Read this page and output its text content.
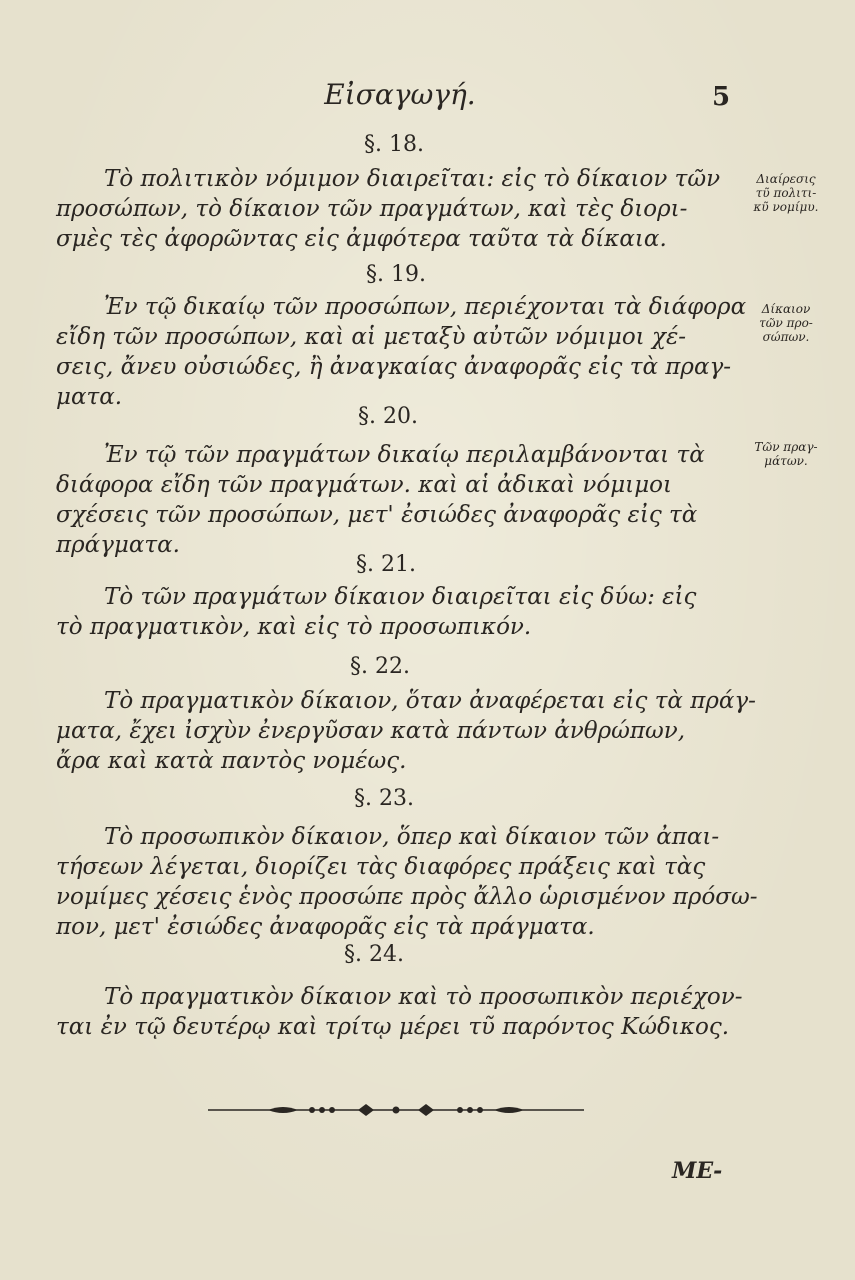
Εἰσαγωγή.	5
§. 18.
Τὸ πολιτικὸν νόμιμον διαιρεῖται: εἰς τὸ δίκαιον τῶν
προσώπων, τὸ δίκαιον τῶν πραγμάτων, καὶ τὲς διορι-
σμὲς τὲς ἀφορῶντας εἰς ἀμφότερα ταῦτα τὰ δίκαια.
Διαίρεσις
τῦ πολιτι-
κῦ νομίμυ.
§. 19.
Ἐν τῷ δικαίῳ τῶν προσώπων, περιέχονται τὰ διάφορα
εἴδη τῶν προσώπων, καὶ αἱ μεταξὺ αὐτῶν νόμιμοι χέ-
σεις, ἄνευ οὐσιώδες, ἢ ἀναγκαίας ἀναφορᾶς εἰς τὰ πραγ-
ματα.
Δίκαιον
τῶν προ-
σώπων.
§. 20.
Ἐν τῷ τῶν πραγμάτων δικαίῳ περιλαμβάνονται τὰ
διάφορα εἴδη τῶν πραγμάτων. καὶ αἱ ἀδικαὶ νόμιμοι
σχέσεις τῶν προσώπων, μετ' ἐσιώδες ἀναφορᾶς εἰς τὰ
πράγματα.
Τῶν πραγ-
μάτων.
§. 21.
Τὸ τῶν πραγμάτων δίκαιον διαιρεῖται εἰς δύω: εἰς
τὸ πραγματικὸν, καὶ εἰς τὸ προσωπικόν.
§. 22.
Τὸ πραγματικὸν δίκαιον, ὅταν ἀναφέρεται εἰς τὰ πράγ-
ματα, ἔχει ἰσχὺν ἐνεργῦσαν κατὰ πάντων ἀνθρώπων,
ἄρα καὶ κατὰ παντὸς νομέως.
§. 23.
Τὸ προσωπικὸν δίκαιον, ὅπερ καὶ δίκαιον τῶν ἀπαι-
τήσεων λέγεται, διορίζει τὰς διαφόρες πράξεις καὶ τὰς
νομίμες χέσεις ἑνὸς προσώπε πρὸς ἄλλο ὡρισμένον πρόσω-
πον, μετ' ἐσιώδες ἀναφορᾶς εἰς τὰ πράγματα.
§. 24.
Τὸ πραγματικὸν δίκαιον καὶ τὸ προσωπικὸν περιέχον-
ται ἐν τῷ δευτέρῳ καὶ τρίτῳ μέρει τῦ παρόντος Κώδικος.
ΜΕ-
